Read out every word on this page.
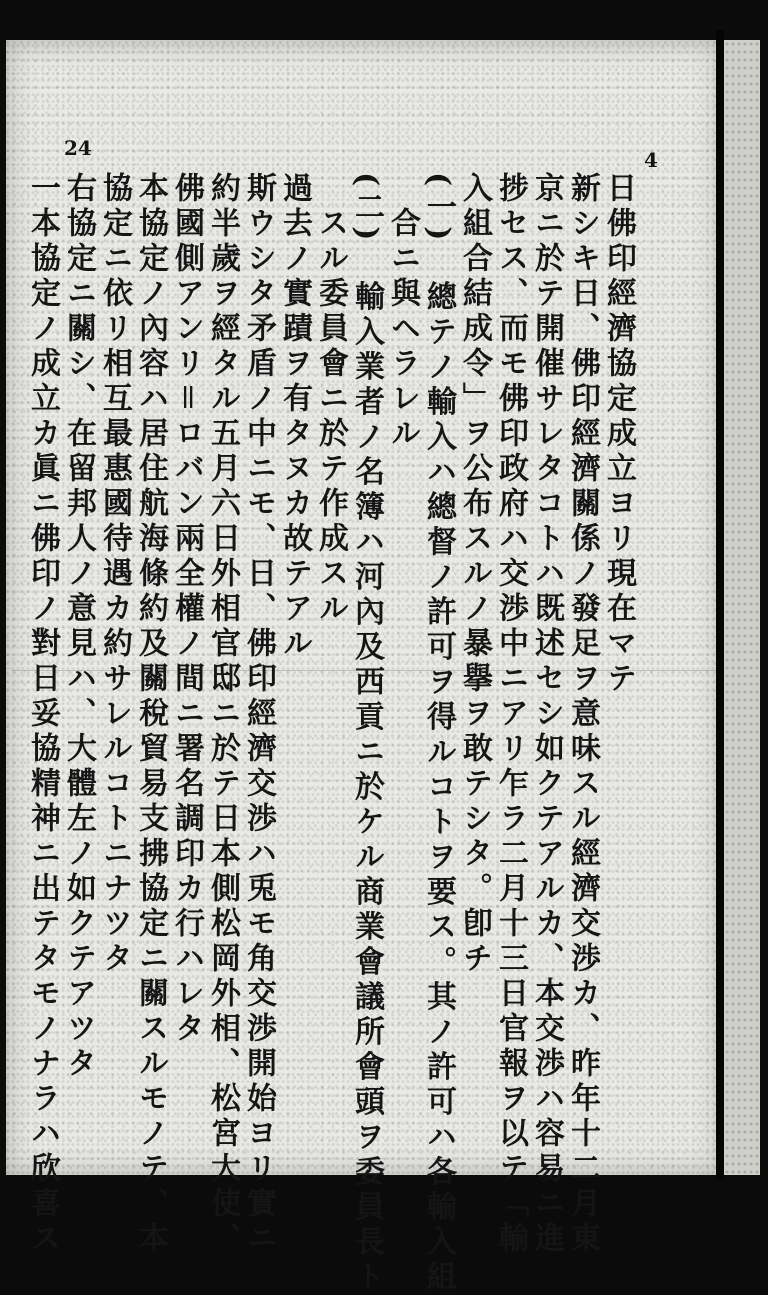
24	4
日佛印經濟協定成立ヨリ現在マテ
新シキ日、佛印經濟關係ノ發足ヲ意味スル經濟交渉カ、昨年十二月東
京ニ於テ開催サレタコトハ既述セシ如クテアルカ、本交渉ハ容易ニ進
捗セス、而モ佛印政府ハ交渉中ニアリ乍ラ二月十三日官報ヲ以テ「輸
入組合結成令」ヲ公布スルノ暴擧ヲ敢テシタ。卽チ
(一)　總テノ輸入ハ總督ノ許可ヲ得ルコトヲ要ス。其ノ許可ハ各輸入組
　合ニ與ヘラレル
(二)　輸入業者ノ名簿ハ河內及西貢ニ於ケル商業會議所會頭ヲ委員長ト
　スル委員會ニ於テ作成スル
過去ノ實蹟ヲ有タヌカ故テアル
斯ウシタ矛盾ノ中ニモ、日、佛印經濟交渉ハ兎モ角交渉開始ヨリ實ニ
約半歲ヲ經タル五月六日外相官邸ニ於テ日本側松岡外相、松宮大使、
佛國側アンリ＝ロバン兩全權ノ間ニ署名調印カ行ハレタ
本協定ノ內容ハ居住航海條約及關稅貿易支拂協定ニ關スルモノテ、本
協定ニ依リ相互最惠國待遇カ約サレルコトニナツタ
右協定ニ關シ、在留邦人ノ意見ハ、大體左ノ如クテアツタ
一本協定ノ成立カ眞ニ佛印ノ對日妥協精神ニ出テタモノナラハ欣喜ス
